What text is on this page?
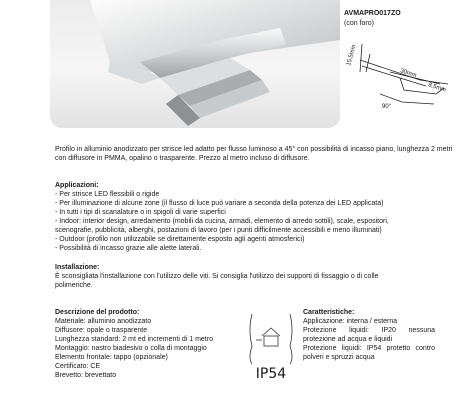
AVMAPRO017ZO
(con foro)
15,5mm
30mm
8,5mm
90°

Profilo in alluminio anodizzato per strisce led adatto per flusso luminoso a 45° con possibilità di incasso piano, lunghezza 2 metri con diffusore in PMMA, opalino o trasparente. Prezzo al metro incluso di diffusore.

Applicazioni:
- Per strisce LED flessibili o rigide
- Per illuminazione di alcune zone (il flusso di luce può variare a seconda della potenza dei LED applicata)
- In tutti i tipi di scanalature o in spigoli di varie superfici
- Indoor: interior design, arredamento (mobili da cucina, armadi, elemento di arredo sottili), scale, espositori,
scenografie, pubblicità, alberghi, postazioni di lavoro (per i punti difficilmente accessibili e meno illuminati)
- Outdoor (profilo non utilizzabile se direttamente esposto agli agenti atmosferici)
- Possibilità di incasso grazie alle alette laterali.
Installazione:

È sconsigliata l'installazione con l'utilizzo delle viti. Si consiglia l'utilizzo dei supporti di fissaggio o di colle

polimeriche.

Descrizione del prodotto:
Materiale: alluminio anodizzato
Diffusore: opale o trasparente
Lunghezza standard: 2 mt ed incrementi di 1 metro
Montaggio: nastro biadesivo o colla di montaggio
Elemento frontale: tappo (opzionale)
Certificato: CE
Brevetto: brevettato	IP54
Caratteristiche:
Applicazione: interna / esterna
Protezione liquidi: IP20 nessuna
protezione ad acqua e liquidi
Protezione liquidi: IP54 protetto contro
polveri e spruzzi acqua
